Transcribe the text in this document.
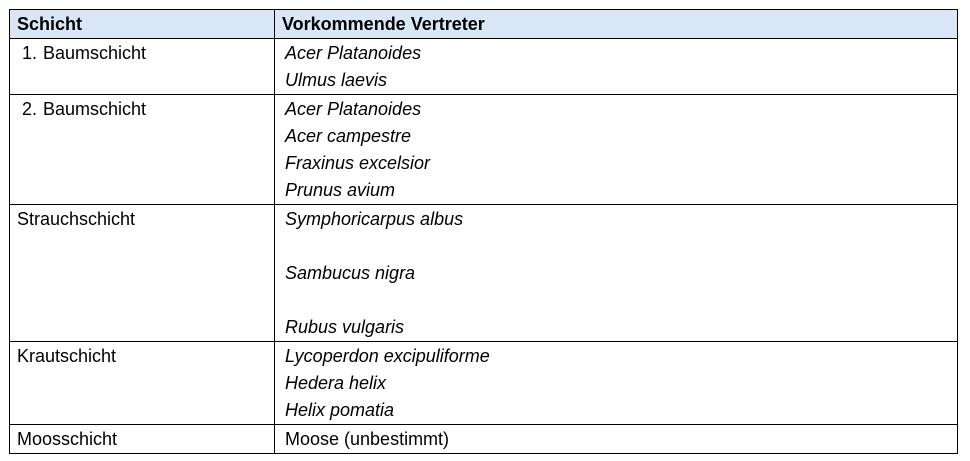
Schicht	Vorkommende Vertreter
1. Baumschicht	Acer Platanoides
Ulmus laevis

2. Baumschicht	Acer Platanoides
Acer campestre
Fraxinus excelsior
Prunus avium

Strauchschicht	Symphoricarpus albus
Sambucus nigra
Rubus vulgaris

Krautschicht	Lycoperdon excipuliforme
Hedera helix
Helix pomatia

Moosschicht	Moose (unbestimmt)
